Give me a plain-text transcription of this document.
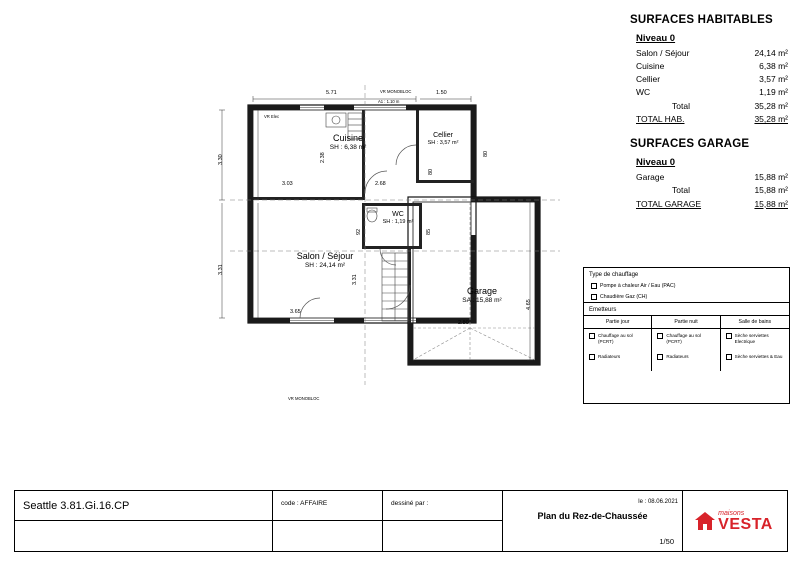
SURFACES HABITABLES
Niveau 0
Salon / Séjour	24,14 m²
Cuisine	6,38 m²
Cellier	3,57 m²
WC	1,19 m²
Total	35,28 m²
TOTAL HAB.	35,28 m²
SURFACES GARAGE
Niveau 0
Garage	15,88 m²
Total	15,88 m²
TOTAL GARAGE	15,88 m²
Type de chauffage
Pompe à chaleur Air / Eau (PAC)
Chaudière Gaz (CH)
Emetteurs
Partie jour
Chauffage au sol (PCRT)
Radiateurs
Partie nuit
Chauffage au sol (PCRT)
Radiateurs
Salle de bains
Sèche serviettes Electrique
Sèche serviettes & Eau
Cuisine
SH : 6,38 m²
Cellier
SH : 3,57 m²
WC
SH : 1,19 m²
Salon / Séjour
SH : 24,14 m²
Garage
SA : 15,88 m²
VR Elec
VR MONOBLOC
VR MONOBLOC
A1 : 1.10 m
5.71	1.50
3.30
3.31
3.03	2.68
2.38
3.31
3.65
80
4.65
2.80
92	85
80
Seattle 3.81.Gi.16.CP	code : AFFAIRE	dessiné par :	le : 08.06.2021
Plan du Rez-de-Chaussée
1/50
maisons
VESTA
